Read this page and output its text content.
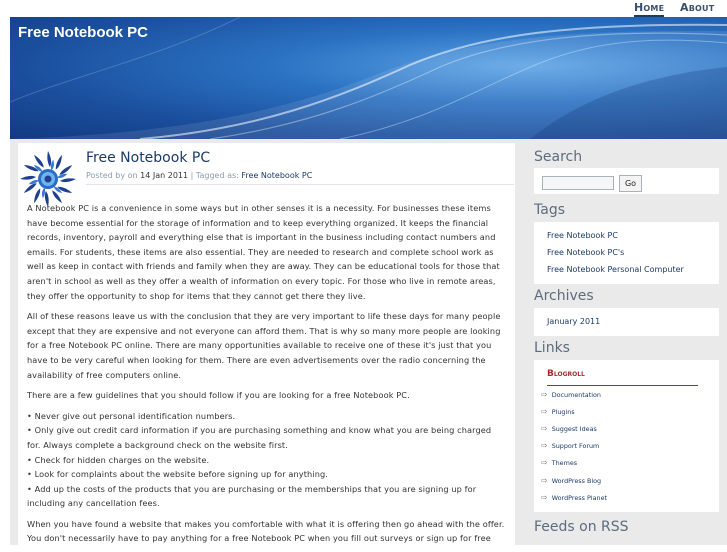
Home About
Free Notebook PC
Free Notebook PC
Posted by on 14 Jan 2011 | Tagged as: Free Notebook PC

A Notebook PC is a convenience in some ways but in other senses it is a necessity. For businesses these items have become essential for the storage of information and to keep everything organized. It keeps the financial records, inventory, payroll and everything else that is important in the business including contact numbers and emails. For students, these items are also essential. They are needed to research and complete school work as well as keep in contact with friends and family when they are away. They can be educational tools for those that aren't in school as well as they offer a wealth of information on every topic. For those who live in remote areas, they offer the opportunity to shop for items that they cannot get there they live.

All of these reasons leave us with the conclusion that they are very important to life these days for many people except that they are expensive and not everyone can afford them. That is why so many more people are looking for a free Notebook PC online. There are many opportunities available to receive one of these it's just that you have to be very careful when looking for them. There are even advertisements over the radio concerning the availability of free computers online.

There are a few guidelines that you should follow if you are looking for a free Notebook PC.

• Never give out personal identification numbers.
• Only give out credit card information if you are purchasing something and know what you are being charged for. Always complete a background check on the website first.
• Check for hidden charges on the website.
• Look for complaints about the website before signing up for anything.
• Add up the costs of the products that you are purchasing or the memberships that you are signing up for including any cancellation fees.

When you have found a website that makes you comfortable with what it is offering then go ahead with the offer. You don't necessarily have to pay anything for a free Notebook PC when you fill out surveys or sign up for free

Search
Go
Tags
Free Notebook PC
Free Notebook PC's
Free Notebook Personal Computer
Archives
January 2011
Links
Blogroll
⇨ Documentation
⇨ Plugins
⇨ Suggest Ideas
⇨ Support Forum
⇨ Themes
⇨ WordPress Blog
⇨ WordPress Planet
Feeds on RSS
